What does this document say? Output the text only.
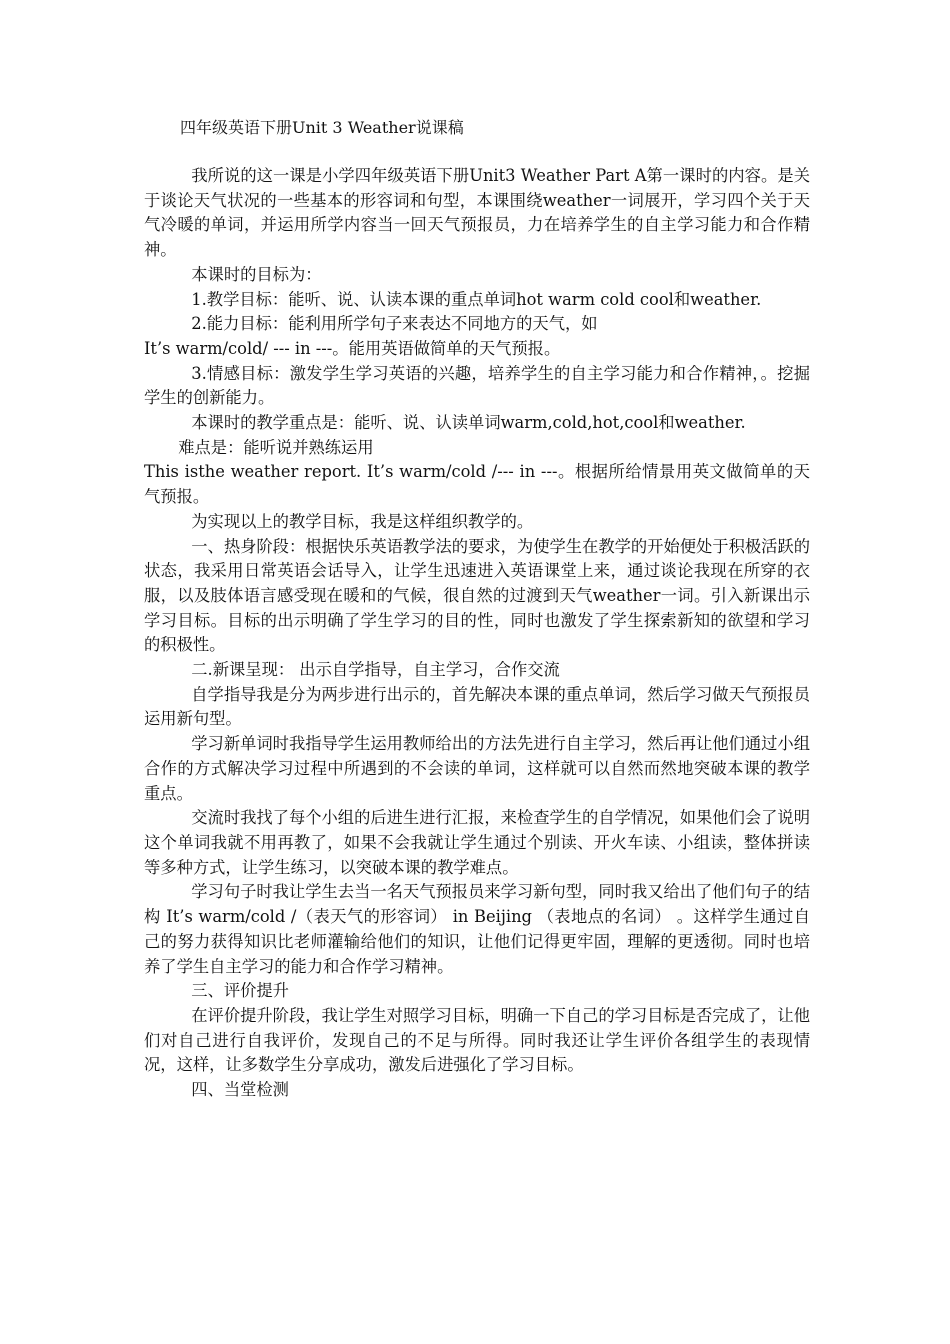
四年级英语下册Unit 3 Weather说课稿

我所说的这一课是小学四年级英语下册Unit3 Weather Part A第一课时的内容。是关于谈论天气状况的一些基本的形容词和句型，本课围绕weather一词展开，学习四个关于天气冷暖的单词，并运用所学内容当一回天气预报员，力在培养学生的自主学习能力和合作精神。

本课时的目标为：

1.教学目标：能听、说、认读本课的重点单词hot warm cold cool和weather.

2.能力目标：能利用所学句子来表达不同地方的天气，如

It’s warm/cold/ --- in ---。能用英语做简单的天气预报。

3.情感目标：激发学生学习英语的兴趣，培养学生的自主学习能力和合作精神，。挖掘学生的创新能力。

本课时的教学重点是：能听、说、认读单词warm,cold,hot,cool和weather.

难点是：能听说并熟练运用

This isthe weather report. It’s warm/cold /--- in ---。根据所给情景用英文做简单的天气预报。

为实现以上的教学目标，我是这样组织教学的。

一、热身阶段：根据快乐英语教学法的要求，为使学生在教学的开始便处于积极活跃的状态，我采用日常英语会话导入，让学生迅速进入英语课堂上来，通过谈论我现在所穿的衣服，以及肢体语言感受现在暖和的气候，很自然的过渡到天气weather一词。引入新课出示学习目标。目标的出示明确了学生学习的目的性，同时也激发了学生探索新知的欲望和学习的积极性。

二.新课呈现： 出示自学指导，自主学习，合作交流

自学指导我是分为两步进行出示的，首先解决本课的重点单词，然后学习做天气预报员运用新句型。

学习新单词时我指导学生运用教师给出的方法先进行自主学习，然后再让他们通过小组合作的方式解决学习过程中所遇到的不会读的单词，这样就可以自然而然地突破本课的教学重点。

交流时我找了每个小组的后进生进行汇报，来检查学生的自学情况，如果他们会了说明这个单词我就不用再教了，如果不会我就让学生通过个别读、开火车读、小组读，整体拼读等多种方式，让学生练习，以突破本课的教学难点。

学习句子时我让学生去当一名天气预报员来学习新句型，同时我又给出了他们句子的结构 It’s warm/cold /（表天气的形容词） in Beijing （表地点的名词） 。这样学生通过自己的努力获得知识比老师灌输给他们的知识，让他们记得更牢固，理解的更透彻。同时也培养了学生自主学习的能力和合作学习精神。

三、评价提升

在评价提升阶段，我让学生对照学习目标，明确一下自己的学习目标是否完成了，让他们对自己进行自我评价，发现自己的不足与所得。同时我还让学生评价各组学生的表现情况，这样，让多数学生分享成功，激发后进强化了学习目标。

四、当堂检测
